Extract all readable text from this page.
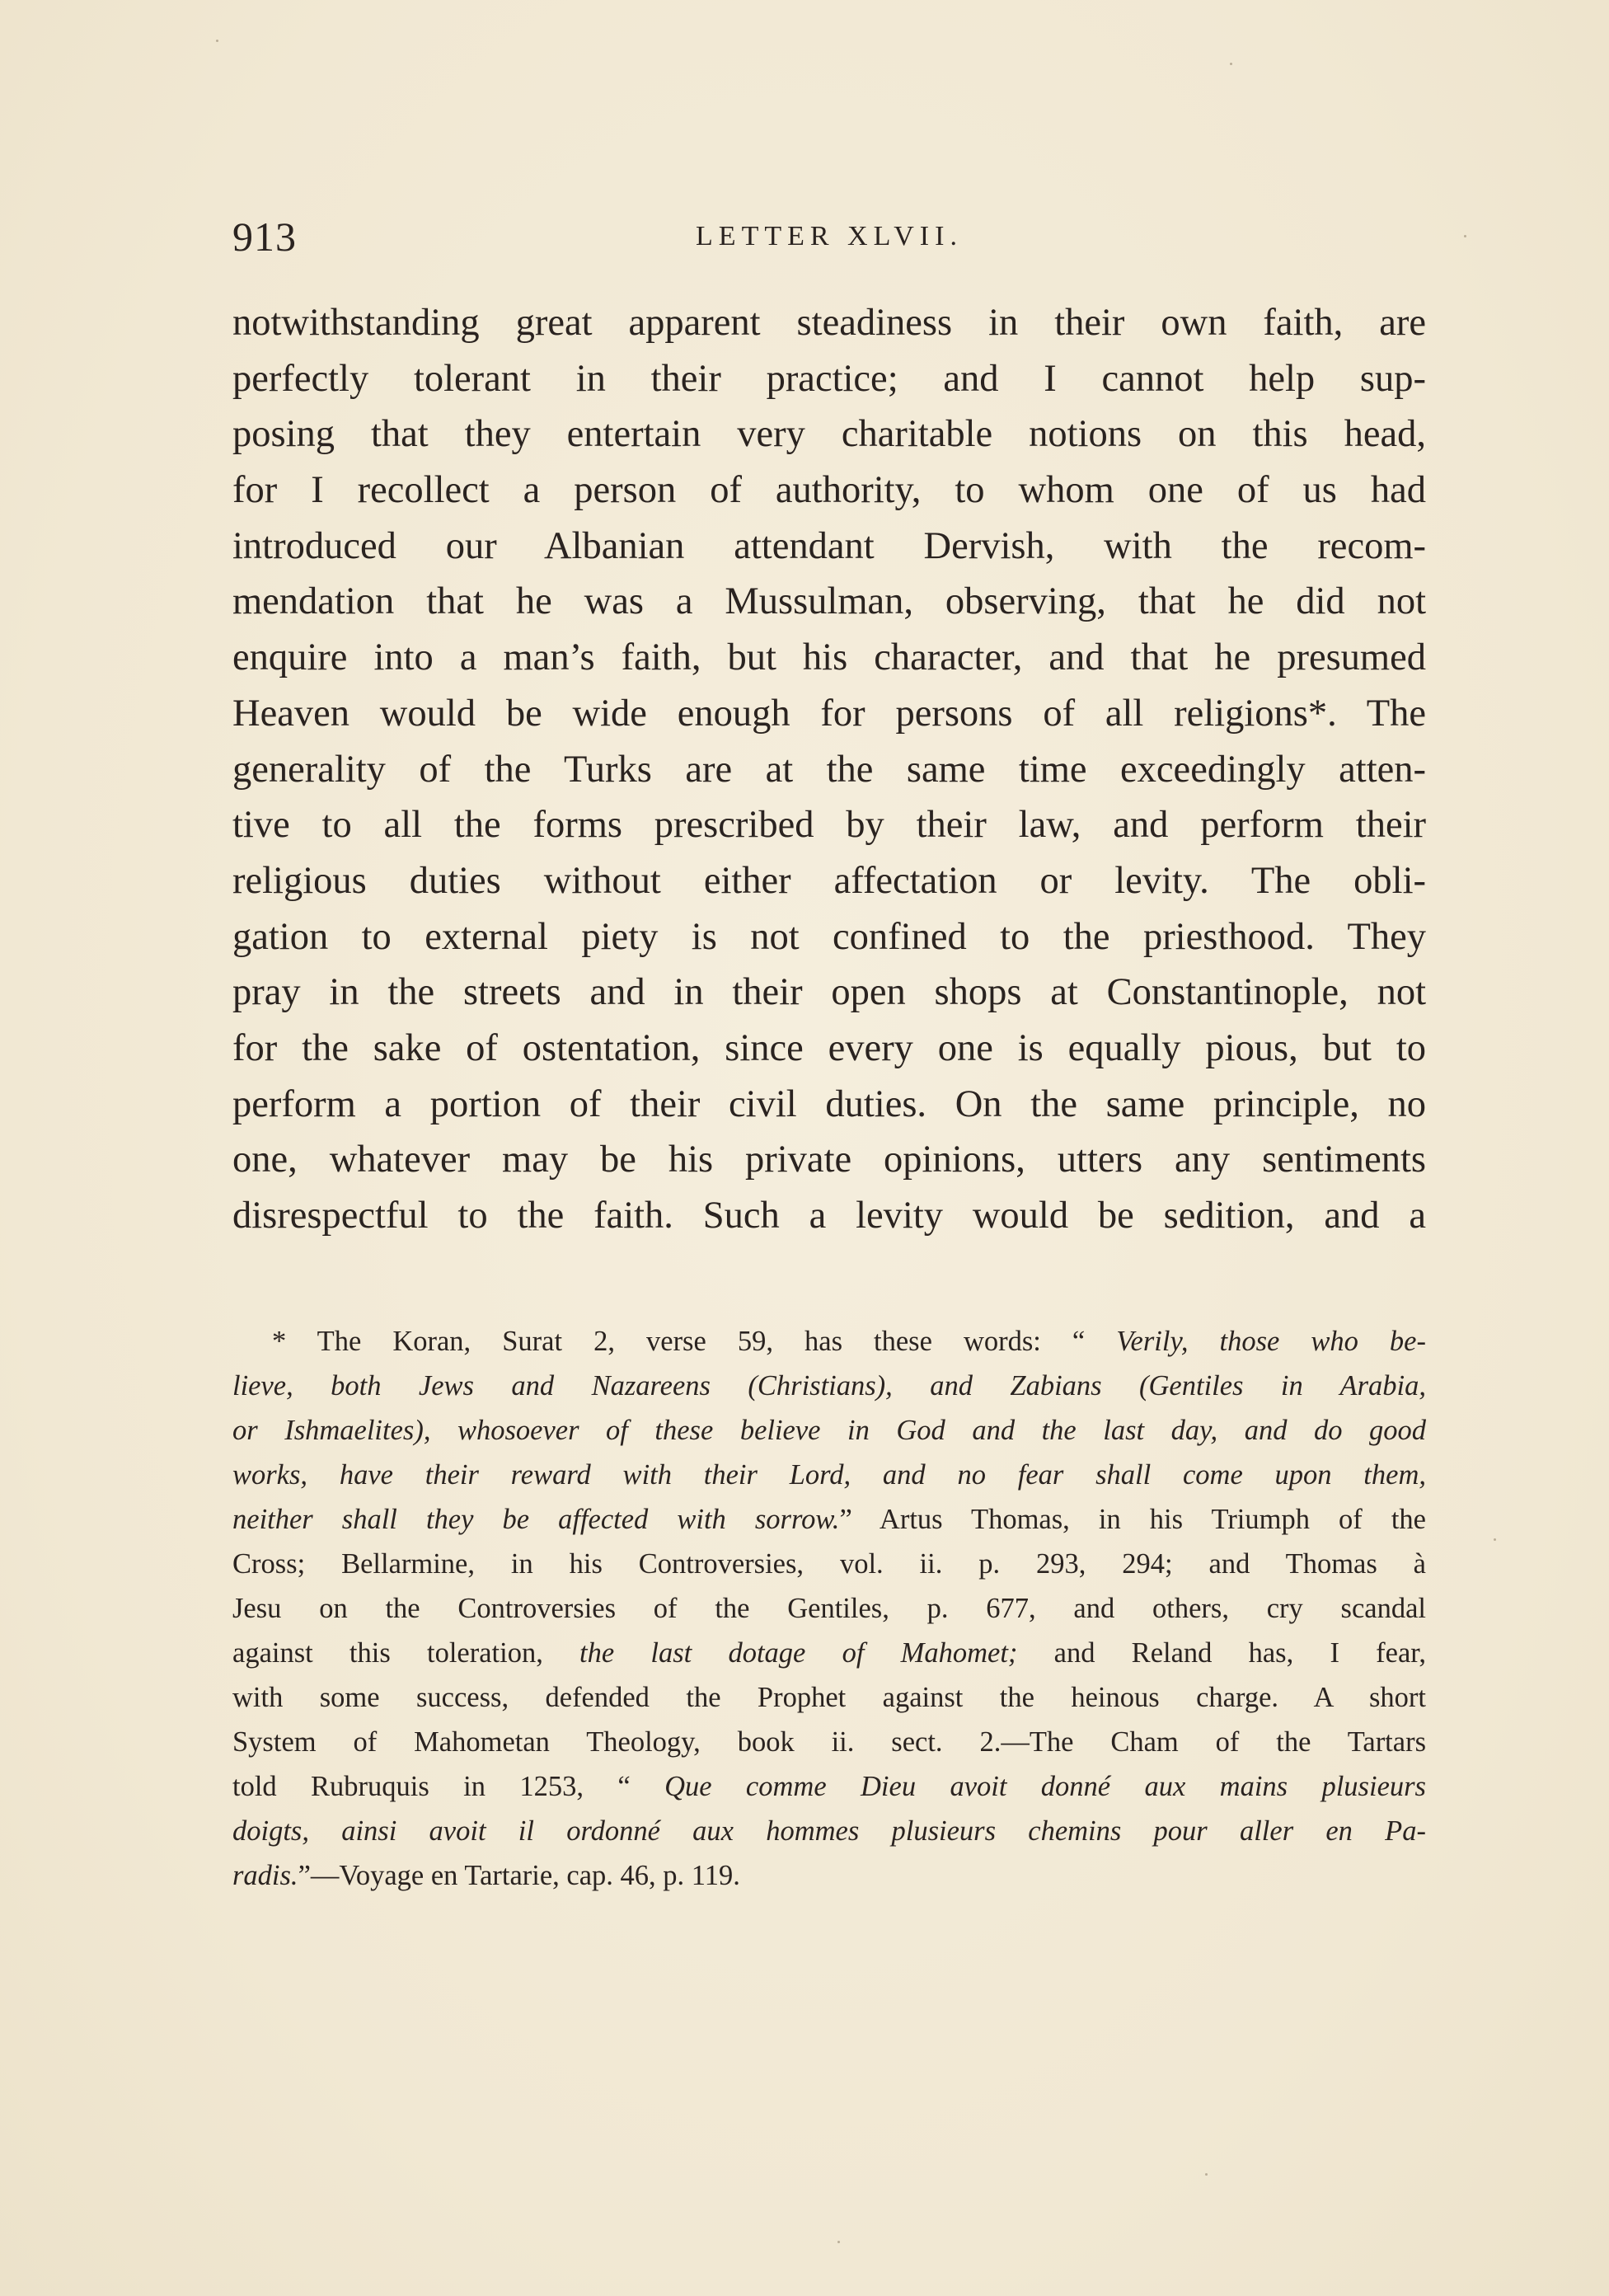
913	LETTER XLVII.
notwithstanding great apparent steadiness in their own faith, are
perfectly tolerant in their practice; and I cannot help sup-
posing that they entertain very charitable notions on this head,
for I recollect a person of authority, to whom one of us had
introduced our Albanian attendant Dervish, with the recom-
mendation that he was a Mussulman, observing, that he did not
enquire into a man’s faith, but his character, and that he presumed
Heaven would be wide enough for persons of all religions*. The
generality of the Turks are at the same time exceedingly atten-
tive to all the forms prescribed by their law, and perform their
religious duties without either affectation or levity. The obli-
gation to external piety is not confined to the priesthood. They
pray in the streets and in their open shops at Constantinople, not
for the sake of ostentation, since every one is equally pious, but to
perform a portion of their civil duties. On the same principle, no
one, whatever may be his private opinions, utters any sentiments
disrespectful to the faith. Such a levity would be sedition, and a
* The Koran, Surat 2, verse 59, has these words: “ Verily, those who be-
lieve, both Jews and Nazareens (Christians), and Zabians (Gentiles in Arabia,
or Ishmaelites), whosoever of these believe in God and the last day, and do good
works, have their reward with their Lord, and no fear shall come upon them,
neither shall they be affected with sorrow.” Artus Thomas, in his Triumph of the
Cross; Bellarmine, in his Controversies, vol. ii. p. 293, 294; and Thomas à
Jesu on the Controversies of the Gentiles, p. 677, and others, cry scandal
against this toleration, the last dotage of Mahomet; and Reland has, I fear,
with some success, defended the Prophet against the heinous charge. A short
System of Mahometan Theology, book ii. sect. 2.—The Cham of the Tartars
told Rubruquis in 1253, “ Que comme Dieu avoit donné aux mains plusieurs
doigts, ainsi avoit il ordonné aux hommes plusieurs chemins pour aller en Pa-
radis.”—Voyage en Tartarie, cap. 46, p. 119.
